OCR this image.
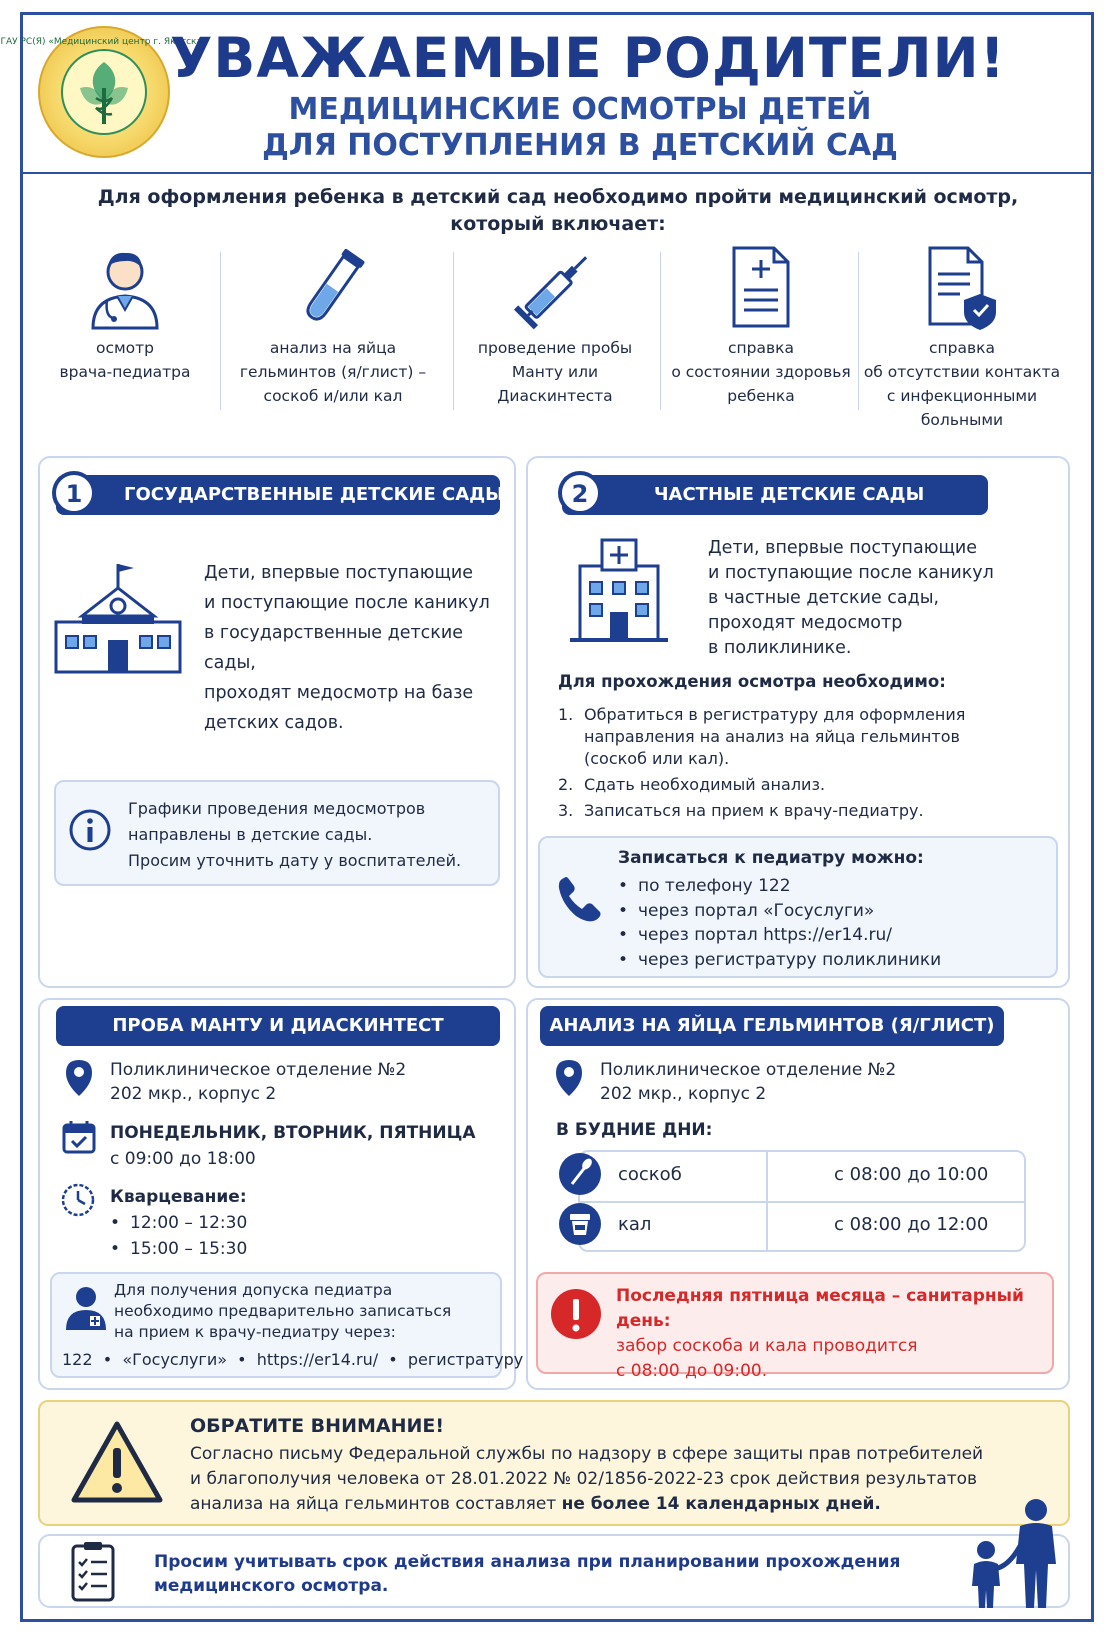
ГАУ РС(Я) «Медицинский центр г. Якутска»
УВАЖАЕМЫЕ РОДИТЕЛИ!
МЕДИЦИНСКИЕ ОСМОТРЫ ДЕТЕЙ
ДЛЯ ПОСТУПЛЕНИЯ В ДЕТСКИЙ САД
Для оформления ребенка в детский сад необходимо пройти медицинский осмотр,
который включает:
осмотр
врача-педиатра
анализ на яйца
гельминтов (я/глист) –
соскоб и/или кал
проведение пробы
Манту или
Диаскинтеста
справка
о состоянии здоровья
ребенка
справка
об отсутствии контакта
с инфекционными
больными
1	ГОСУДАРСТВЕННЫЕ ДЕТСКИЕ САДЫ
Дети, впервые поступающие
и поступающие после каникул
в государственные детские сады,
проходят медосмотр на базе
детских садов.
Графики проведения медосмотров
направлены в детские сады.
Просим уточнить дату у воспитателей.
2	ЧАСТНЫЕ ДЕТСКИЕ САДЫ
Дети, впервые поступающие
и поступающие после каникул
в частные детские сады,
проходят медосмотр
в поликлинике.
Для прохождения осмотра необходимо:
1. Обратиться в регистратуру для оформления
направления на анализ на яйца гельминтов
(соскоб или кал).
2. Сдать необходимый анализ.
3. Записаться на прием к врачу-педиатру.
Записаться к педиатру можно:
• по телефону 122
• через портал «Госуслуги»
• через портал https://er14.ru/
• через регистратуру поликлиники
ПРОБА МАНТУ И ДИАСКИНТЕСТ
Поликлиническое отделение №2
202 мкр., корпус 2
ПОНЕДЕЛЬНИК, ВТОРНИК, ПЯТНИЦА
с 09:00 до 18:00
Кварцевание:
• 12:00 – 12:30
• 15:00 – 15:30
Для получения допуска педиатра
необходимо предварительно записаться
на прием к врачу-педиатру через:
122  •  «Госуслуги»  •  https://er14.ru/  •  регистратуру
АНАЛИЗ НА ЯЙЦА ГЕЛЬМИНТОВ (Я/ГЛИСТ)
Поликлиническое отделение №2
202 мкр., корпус 2
В БУДНИЕ ДНИ:
соскоб	с 08:00 до 10:00
кал	с 08:00 до 12:00
Последняя пятница месяца – санитарный день:
забор соскоба и кала проводится
с 08:00 до 09:00.
ОБРАТИТЕ ВНИМАНИЕ!
Согласно письму Федеральной службы по надзору в сфере защиты прав потребителей
и благополучия человека от 28.01.2022 № 02/1856-2022-23 срок действия результатов
анализа на яйца гельминтов составляет не более 14 календарных дней.
Просим учитывать срок действия анализа при планировании прохождения
медицинского осмотра.
